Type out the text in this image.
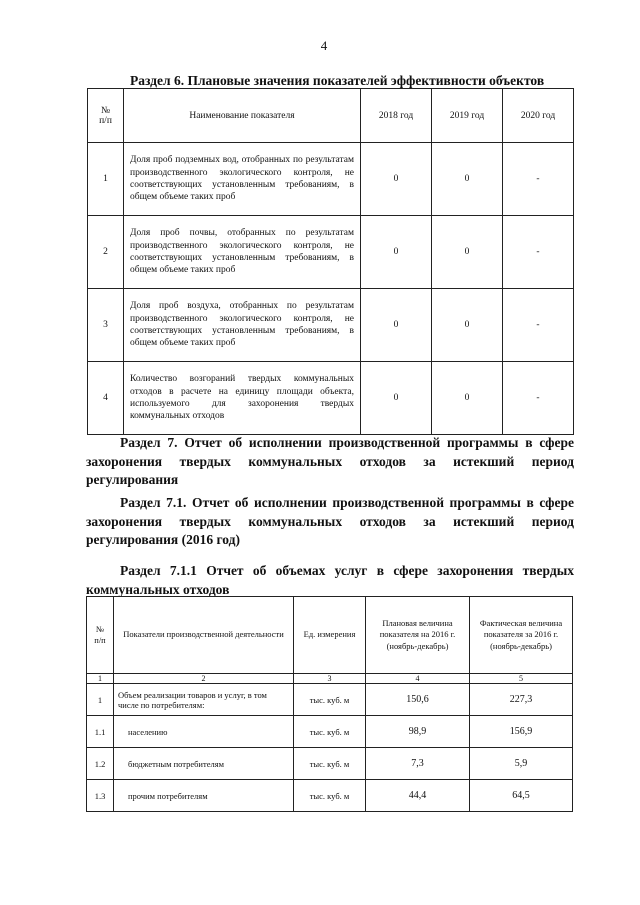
4
Раздел 6. Плановые значения показателей эффективности объектов
№
п/п	Наименование показателя	2018 год	2019 год	2020 год
1	Доля проб подземных вод, отобранных по результатам производственного экологического контроля, не соответствующих установленным требованиям, в общем объеме таких проб	0	0	-
2	Доля проб почвы, отобранных по результатам производственного экологического контроля, не соответствующих установленным требованиям, в общем объеме таких проб	0	0	-
3	Доля проб воздуха, отобранных по результатам производственного экологического контроля, не соответствующих установленным требованиям, в общем объеме таких проб	0	0	-
4	Количество возгораний твердых коммунальных отходов в расчете на единицу площади объекта, используемого для захоронения твердых коммунальных отходов	0	0	-
Раздел 7. Отчет об исполнении производственной программы в сфере захоронения твердых коммунальных отходов за истекший период регулирования
Раздел 7.1. Отчет об исполнении производственной программы в сфере захоронения твердых коммунальных отходов за истекший период регулирования (2016 год)
Раздел 7.1.1 Отчет об объемах услуг в сфере захоронения твердых коммунальных отходов
№
п/п	Показатели производственной деятельности	Ед. измерения	Плановая величина показателя на 2016 г. (ноябрь-декабрь)	Фактическая величина показателя за 2016 г. (ноябрь-декабрь)
1	2	3	4	5
1	Объем реализации товаров и услуг, в том числе по потребителям:	тыс. куб. м	150,6	227,3
1.1	населению	тыс. куб. м	98,9	156,9
1.2	бюджетным потребителям	тыс. куб. м	7,3	5,9
1.3	прочим потребителям	тыс. куб. м	44,4	64,5
